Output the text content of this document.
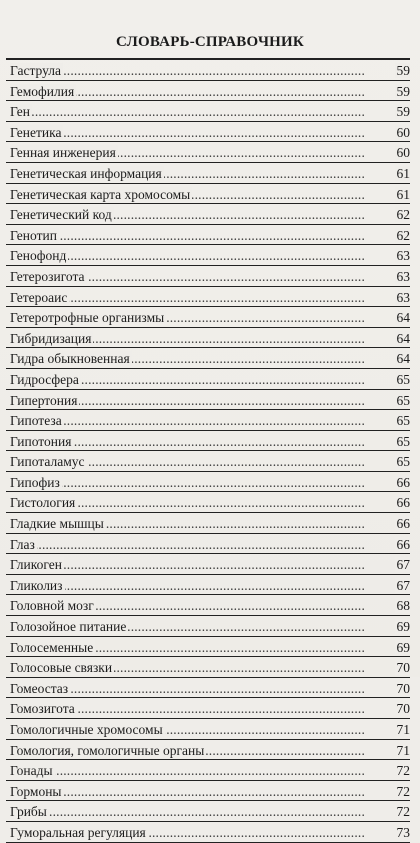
СЛОВАРЬ-СПРАВОЧНИК
. . .
Гаструла	59
. . .
Гемофилия	59
. . .
Ген	59
. . .
Генетика	60
. . .
Генная инженерия	60
. . .
Генетическая информация	61
. . .
Генетическая карта хромосомы	61
. . .
Генетический код	62
. . .
Генотип	62
. . .
Генофонд	63
. . .
Гетерозигота	63
. . .
Гетероаис	63
. . .
Гетеротрофные организмы	64
. . .
Гибридизация	64
. . .
Гидра обыкновенная	64
. . .
Гидросфера	65
. . .
Гипертония	65
. . .
Гипотеза	65
. . .
Гипотония	65
. . .
Гипоталамус	65
. . .
Гипофиз	66
. . .
Гистология	66
. . .
Гладкие мышцы	66
. . .
Глаз	66
. . .
Гликоген	67
. . .
Гликолиз	67
. . .
Головной мозг	68
. . .
Голозойное питание	69
. . .
Голосеменные	69
. . .
Голосовые связки	70
. . .
Гомеостаз	70
. . .
Гомозигота	70
. . .
Гомологичные хромосомы	71
. . .
Гомология, гомологичные органы	71
. . .
Гонады	72
. . .
Гормоны	72
. . .
Грибы	72
. . .
Гуморальная регуляция	73
